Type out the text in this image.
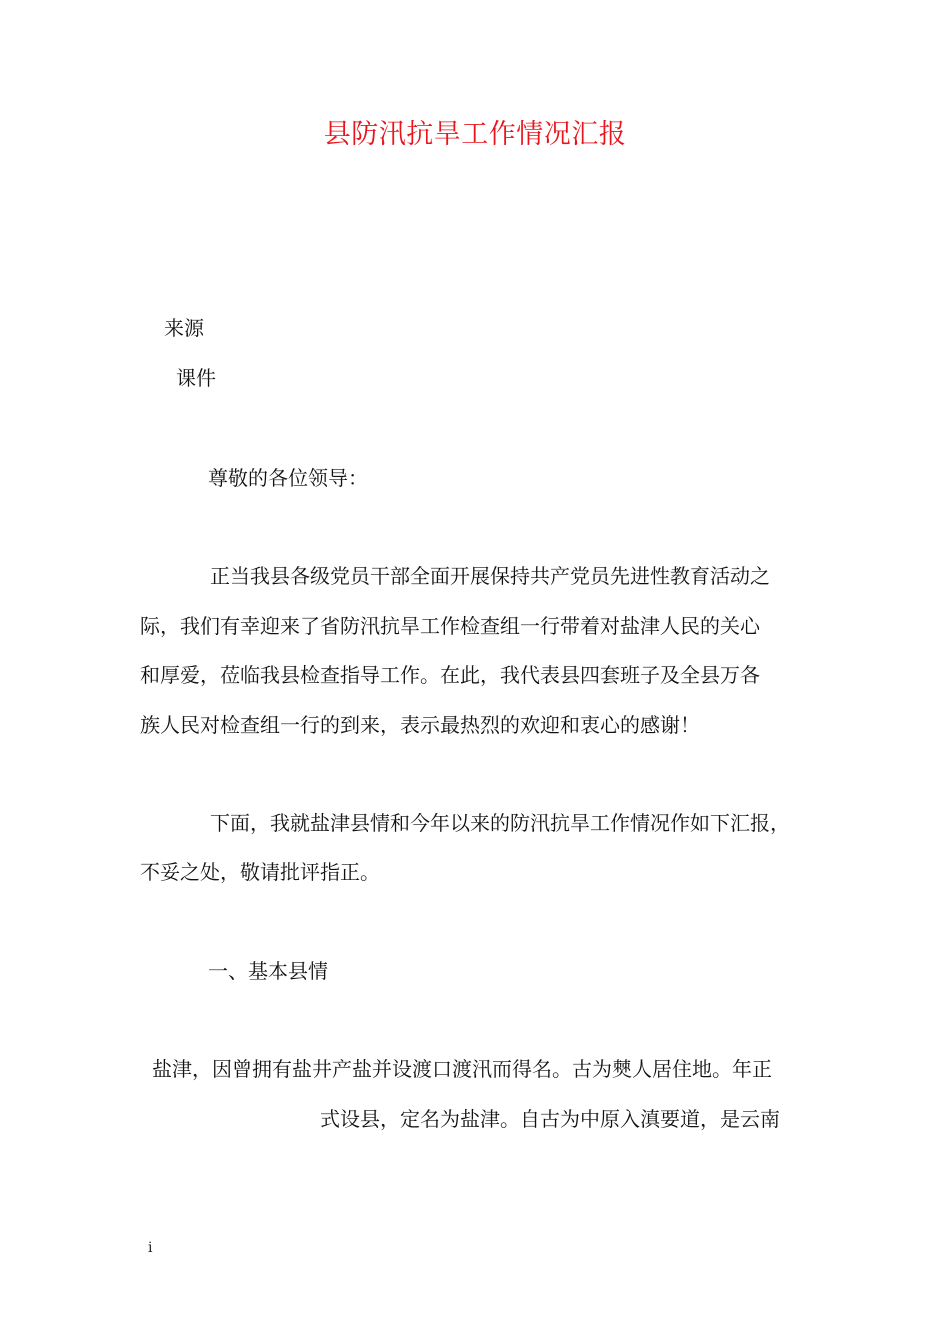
县防汛抗旱工作情况汇报
来源
课件
尊敬的各位领导：
正当我县各级党员干部全面开展保持共产党员先进性教育活动之
际，我们有幸迎来了省防汛抗旱工作检查组一行带着对盐津人民的关心
和厚爱，莅临我县检查指导工作。在此，我代表县四套班子及全县万各
族人民对检查组一行的到来，表示最热烈的欢迎和衷心的感谢！
下面，我就盐津县情和今年以来的防汛抗旱工作情况作如下汇报，
不妥之处，敬请批评指正。
一、基本县情
盐津，因曾拥有盐井产盐并设渡口渡汛而得名。古为僰人居住地。年正
式设县，定名为盐津。自古为中原入滇要道，是云南
i
